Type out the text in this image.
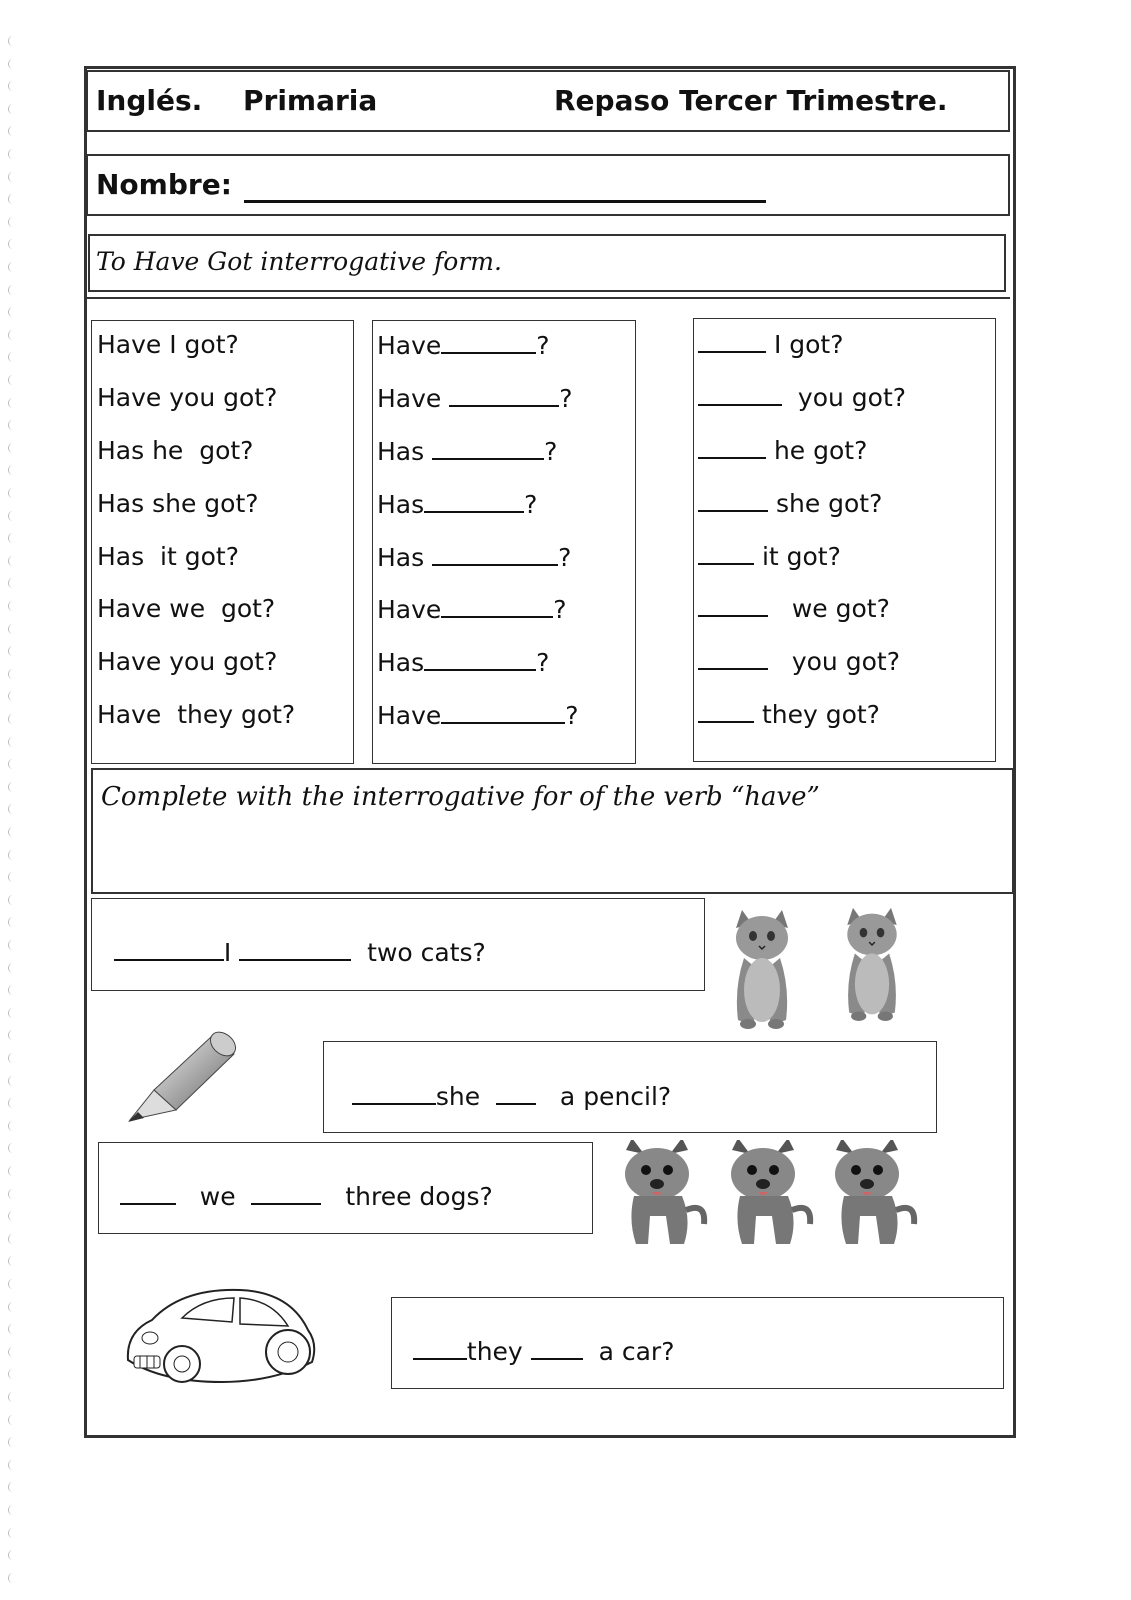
Inglés. Primaria	Repaso Tercer Trimestre.
Nombre:
To Have Got interrogative form.
Have I got?
Have you got?
Has he  got?
Has she got?
Has  it got?
Have we  got?
Have you got?
Have  they got?
Have	?
Have	?
Has	?
Has	?
Has	?
Have	?
Has	?
Have	?
I got?
you got?
he got?
she got?
it got?
we got?
you got?
they got?
Complete with the interrogative for of the verb “have”

I	two cats?

she	a pencil?

we	three dogs?

they	a car?
